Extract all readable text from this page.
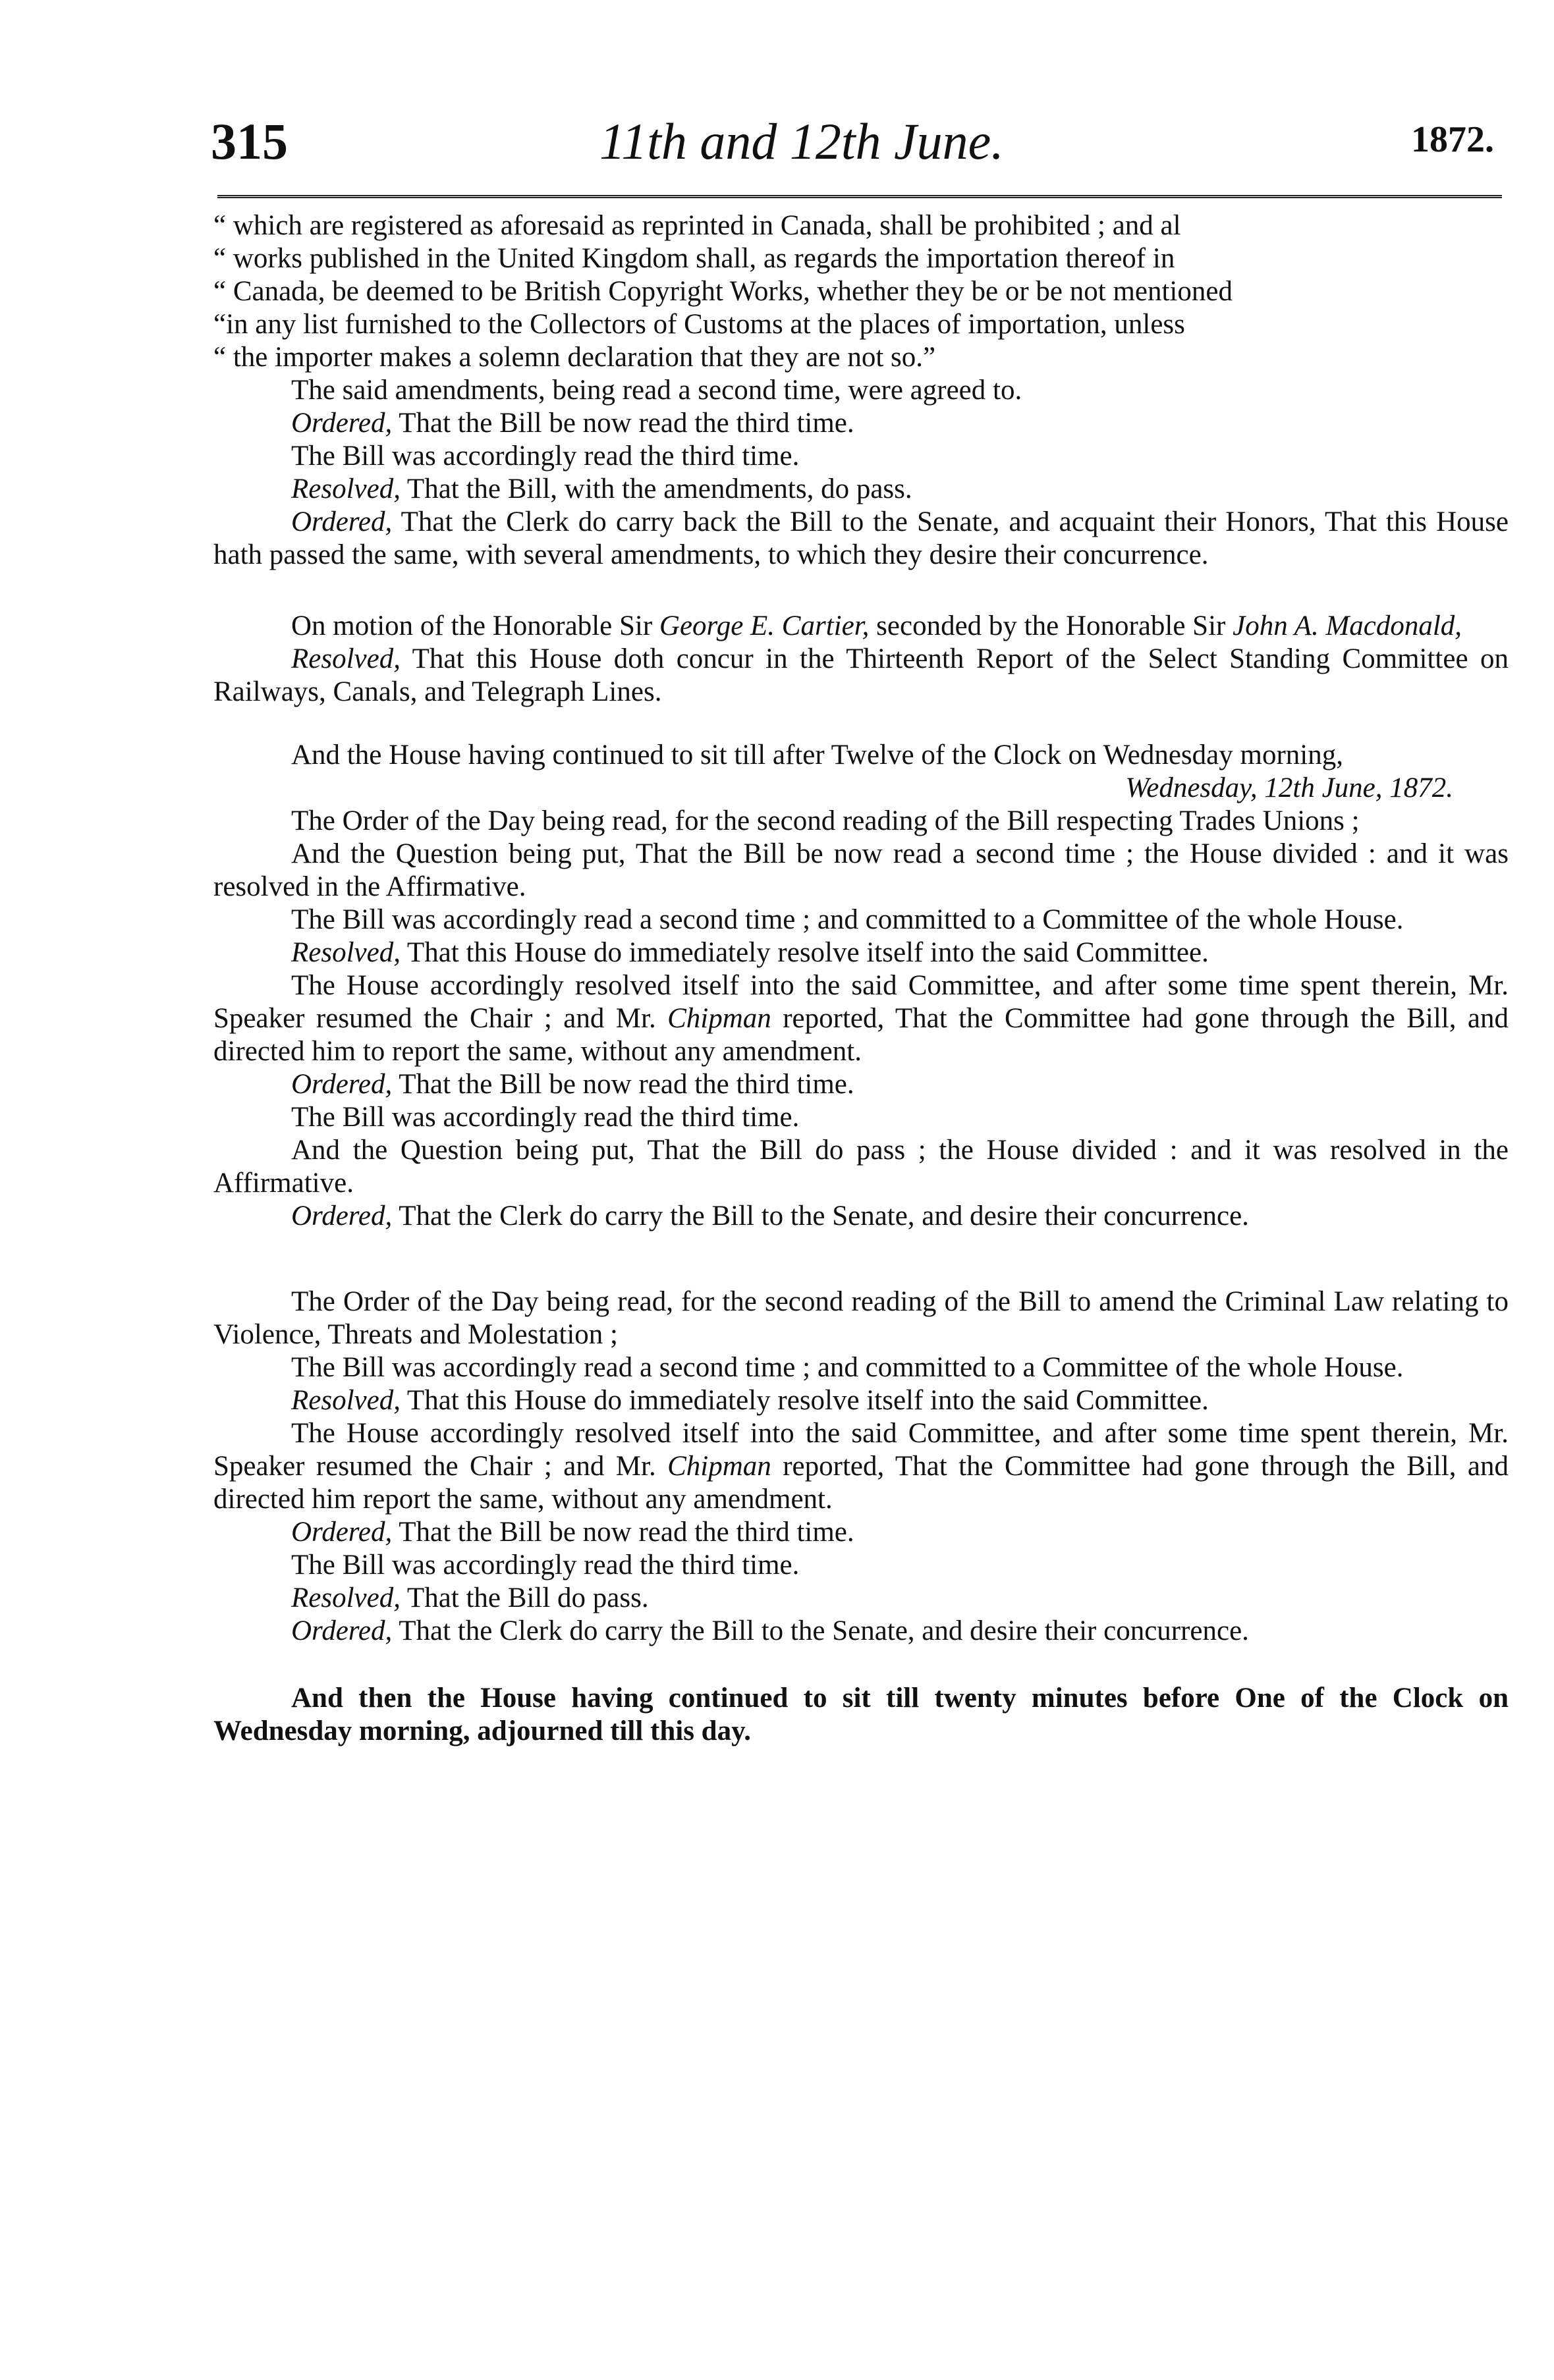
315	11th and 12th June.	1872.

“ which are registered as aforesaid as reprinted in Canada, shall be prohibited ; and al

“ works published in the United Kingdom shall, as regards the importation thereof in

“ Canada, be deemed to be British Copyright Works, whether they be or be not mentioned

“in any list furnished to the Collectors of Customs at the places of importation, unless

“ the importer makes a solemn declaration that they are not so.”

The said amendments, being read a second time, were agreed to.

Ordered, That the Bill be now read the third time.

The Bill was accordingly read the third time.

Resolved, That the Bill, with the amendments, do pass.

Ordered, That the Clerk do carry back the Bill to the Senate, and acquaint their Honors, That this House hath passed the same, with several amendments, to which they desire their concurrence.

On motion of the Honorable Sir George E. Cartier, seconded by the Honorable Sir John A. Macdonald,

Resolved, That this House doth concur in the Thirteenth Report of the Select Standing Committee on Railways, Canals, and Telegraph Lines.

And the House having continued to sit till after Twelve of the Clock on Wednesday morning,

Wednesday, 12th June, 1872.

The Order of the Day being read, for the second reading of the Bill respecting Trades Unions ;

And the Question being put, That the Bill be now read a second time ; the House divided : and it was resolved in the Affirmative.

The Bill was accordingly read a second time ; and committed to a Committee of the whole House.

Resolved, That this House do immediately resolve itself into the said Committee.

The House accordingly resolved itself into the said Committee, and after some time spent therein, Mr. Speaker resumed the Chair ; and Mr. Chipman reported, That the Committee had gone through the Bill, and directed him to report the same, without any amendment.

Ordered, That the Bill be now read the third time.

The Bill was accordingly read the third time.

And the Question being put, That the Bill do pass ; the House divided : and it was resolved in the Affirmative.

Ordered, That the Clerk do carry the Bill to the Senate, and desire their concurrence.

The Order of the Day being read, for the second reading of the Bill to amend the Criminal Law relating to Violence, Threats and Molestation ;

The Bill was accordingly read a second time ; and committed to a Committee of the whole House.

Resolved, That this House do immediately resolve itself into the said Committee.

The House accordingly resolved itself into the said Committee, and after some time spent therein, Mr. Speaker resumed the Chair ; and Mr. Chipman reported, That the Committee had gone through the Bill, and directed him report the same, without any amendment.

Ordered, That the Bill be now read the third time.

The Bill was accordingly read the third time.

Resolved, That the Bill do pass.

Ordered, That the Clerk do carry the Bill to the Senate, and desire their concurrence.

And then the House having continued to sit till twenty minutes before One of the Clock on Wednesday morning, adjourned till this day.
